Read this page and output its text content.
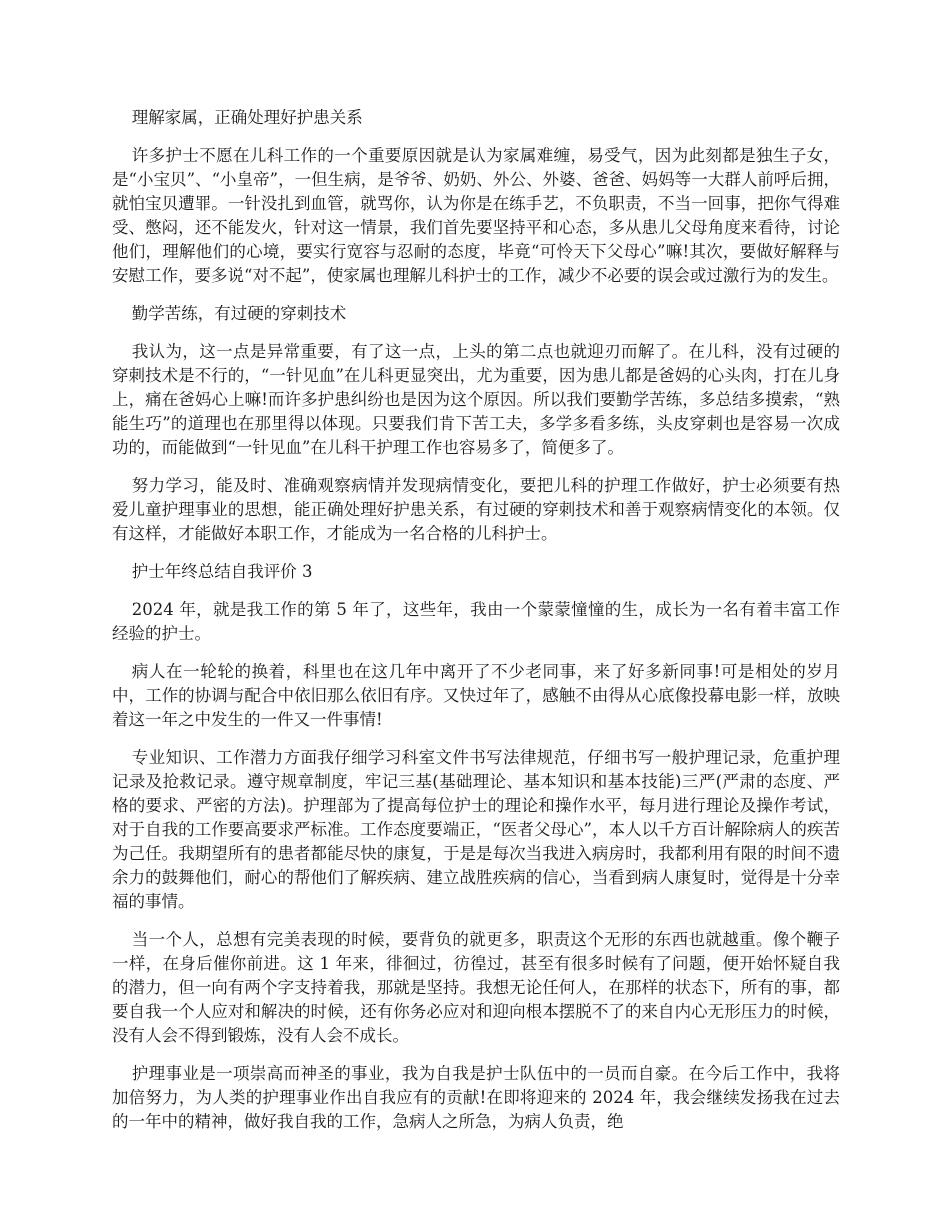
理解家属，正确处理好护患关系

许多护士不愿在儿科工作的一个重要原因就是认为家属难缠，易受气，因为此刻都是独生子女，是“小宝贝”、“小皇帝”，一但生病，是爷爷、奶奶、外公、外婆、爸爸、妈妈等一大群人前呼后拥，就怕宝贝遭罪。一针没扎到血管，就骂你，认为你是在练手艺，不负职责，不当一回事，把你气得难受、憋闷，还不能发火，针对这一情景，我们首先要坚持平和心态，多从患儿父母角度来看待，讨论他们，理解他们的心境，要实行宽容与忍耐的态度，毕竟“可怜天下父母心”嘛!其次，要做好解释与安慰工作，要多说“对不起”，使家属也理解儿科护士的工作，减少不必要的误会或过激行为的发生。

勤学苦练，有过硬的穿刺技术

我认为，这一点是异常重要，有了这一点，上头的第二点也就迎刃而解了。在儿科，没有过硬的穿刺技术是不行的，“一针见血”在儿科更显突出，尤为重要，因为患儿都是爸妈的心头肉，打在儿身上，痛在爸妈心上嘛!而许多护患纠纷也是因为这个原因。所以我们要勤学苦练，多总结多摸索，“熟能生巧”的道理也在那里得以体现。只要我们肯下苦工夫，多学多看多练，头皮穿刺也是容易一次成功的，而能做到“一针见血”在儿科干护理工作也容易多了，简便多了。

努力学习，能及时、准确观察病情并发现病情变化，要把儿科的护理工作做好，护士必须要有热爱儿童护理事业的思想，能正确处理好护患关系，有过硬的穿刺技术和善于观察病情变化的本领。仅有这样，才能做好本职工作，才能成为一名合格的儿科护士。

护士年终总结自我评价 3

2024 年，就是我工作的第 5 年了，这些年，我由一个蒙蒙憧憧的生，成长为一名有着丰富工作经验的护士。

病人在一轮轮的换着，科里也在这几年中离开了不少老同事，来了好多新同事!可是相处的岁月中，工作的协调与配合中依旧那么依旧有序。又快过年了，感触不由得从心底像投幕电影一样，放映着这一年之中发生的一件又一件事情!

专业知识、工作潜力方面我仔细学习科室文件书写法律规范，仔细书写一般护理记录，危重护理记录及抢救记录。遵守规章制度，牢记三基(基础理论、基本知识和基本技能)三严(严肃的态度、严格的要求、严密的方法)。护理部为了提高每位护士的理论和操作水平，每月进行理论及操作考试，对于自我的工作要高要求严标准。工作态度要端正，“医者父母心”，本人以千方百计解除病人的疾苦为己任。我期望所有的患者都能尽快的康复，于是是每次当我进入病房时，我都利用有限的时间不遗余力的鼓舞他们，耐心的帮他们了解疾病、建立战胜疾病的信心，当看到病人康复时，觉得是十分幸福的事情。

当一个人，总想有完美表现的时候，要背负的就更多，职责这个无形的东西也就越重。像个鞭子一样，在身后催你前进。这 1 年来，徘徊过，彷徨过，甚至有很多时候有了问题，便开始怀疑自我的潜力，但一向有两个字支持着我，那就是坚持。我想无论任何人，在那样的状态下，所有的事，都要自我一个人应对和解决的时候，还有你务必应对和迎向根本摆脱不了的来自内心无形压力的时候，没有人会不得到锻炼，没有人会不成长。

护理事业是一项崇高而神圣的事业，我为自我是护士队伍中的一员而自豪。在今后工作中，我将加倍努力，为人类的护理事业作出自我应有的贡献!在即将迎来的 2024 年，我会继续发扬我在过去的一年中的精神，做好我自我的工作，急病人之所急，为病人负责，绝
